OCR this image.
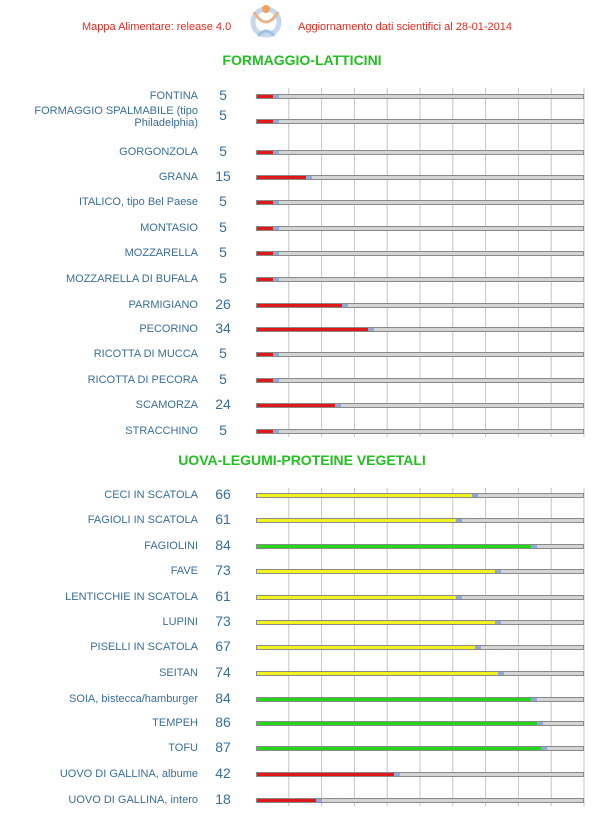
Mappa Alimentare: release 4.0	Aggiornamento dati scientifici al 28-01-2014
FORMAGGIO-LATTICINI
FONTINA	5
FORMAGGIO SPALMABILE (tipo Philadelphia)	5
GORGONZOLA	5
GRANA	15
ITALICO, tipo Bel Paese	5
MONTASIO	5
MOZZARELLA	5
MOZZARELLA DI BUFALA	5
PARMIGIANO	26
PECORINO	34
RICOTTA DI MUCCA	5
RICOTTA DI PECORA	5
SCAMORZA	24
STRACCHINO	5
UOVA-LEGUMI-PROTEINE VEGETALI
CECI IN SCATOLA	66
FAGIOLI IN SCATOLA	61
FAGIOLINI	84
FAVE	73
LENTICCHIE IN SCATOLA	61
LUPINI	73
PISELLI IN SCATOLA	67
SEITAN	74
SOIA, bistecca/hamburger	84
TEMPEH	86
TOFU	87
UOVO DI GALLINA, albume	42
UOVO DI GALLINA, intero	18
